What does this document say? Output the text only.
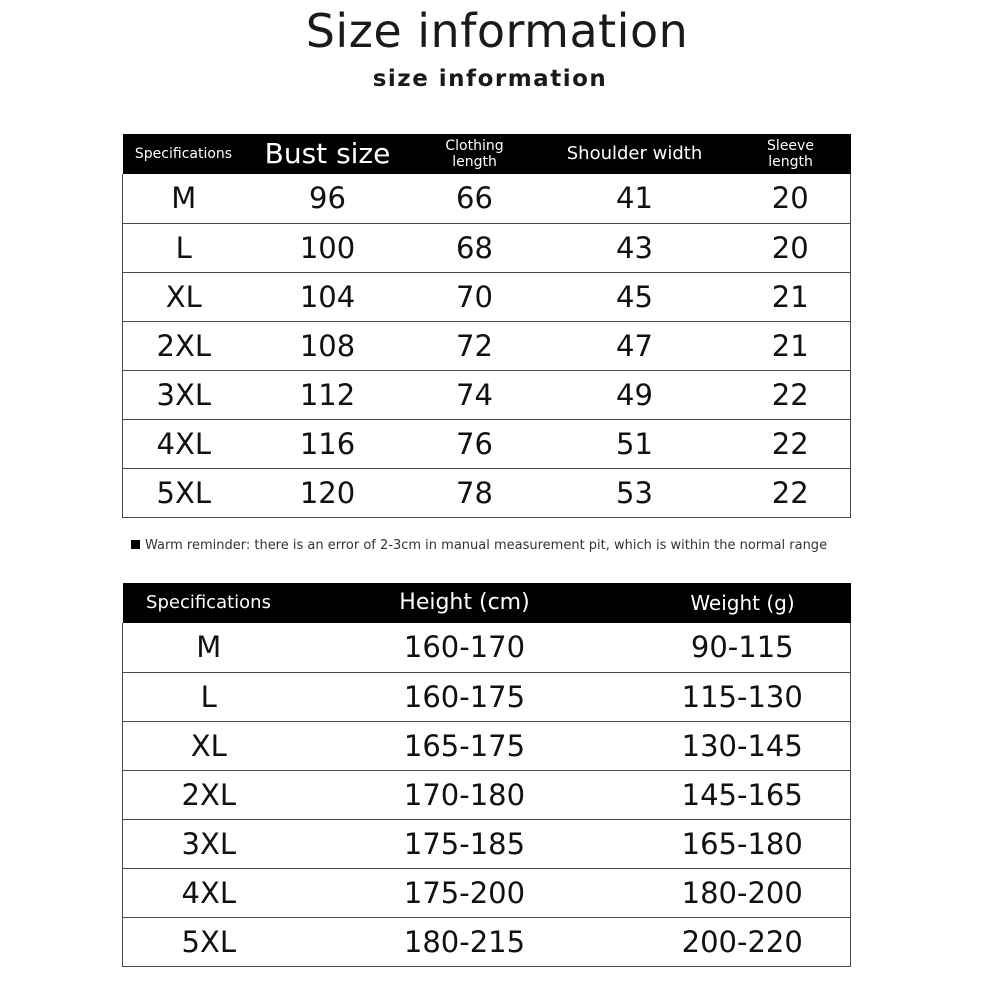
Size information
size information
Specifications	Bust size	Clothing length	Shoulder width	Sleeve length
M	96	66	41	20
L	100	68	43	20
XL	104	70	45	21
2XL	108	72	47	21
3XL	112	74	49	22
4XL	116	76	51	22
5XL	120	78	53	22
Warm reminder: there is an error of 2-3cm in manual measurement pit, which is within the normal range
Specifications	Height (cm)	Weight (g)
M	160-170	90-115
L	160-175	115-130
XL	165-175	130-145
2XL	170-180	145-165
3XL	175-185	165-180
4XL	175-200	180-200
5XL	180-215	200-220
